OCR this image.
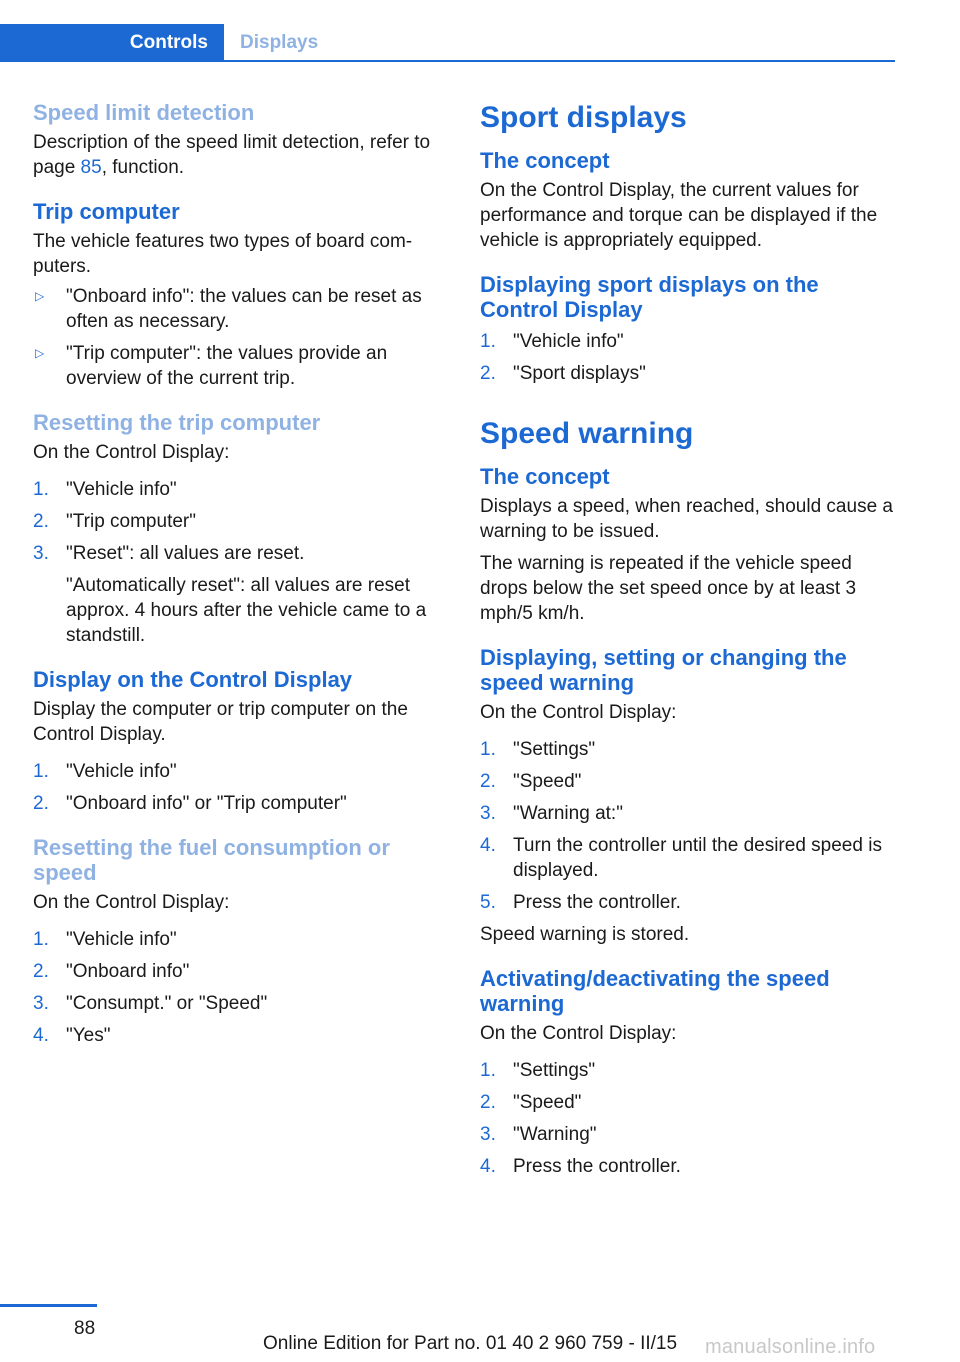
Controls	Displays
Speed limit detection
Description of the speed limit detection, refer to page 85, function.
Trip computer
The vehicle features two types of board com-puters.
▷	"Onboard info": the values can be reset as often as necessary.
▷	"Trip computer": the values provide an overview of the current trip.
Resetting the trip computer
On the Control Display:
1. "Vehicle info"
2. "Trip computer"
3. "Reset": all values are reset.
"Automatically reset": all values are reset approx. 4 hours after the vehicle came to a standstill.
Display on the Control Display
Display the computer or trip computer on the Control Display.
1. "Vehicle info"
2. "Onboard info" or "Trip computer"
Resetting the fuel consumption or speed
On the Control Display:
1. "Vehicle info"
2. "Onboard info"
3. "Consumpt." or "Speed"
4. "Yes"
Sport displays
The concept
On the Control Display, the current values for performance and torque can be displayed if the vehicle is appropriately equipped.
Displaying sport displays on the Control Display
1. "Vehicle info"
2. "Sport displays"
Speed warning
The concept
Displays a speed, when reached, should cause a warning to be issued.
The warning is repeated if the vehicle speed drops below the set speed once by at least 3 mph/5 km/h.
Displaying, setting or changing the speed warning
On the Control Display:
1. "Settings"
2. "Speed"
3. "Warning at:"
4. Turn the controller until the desired speed is displayed.
5. Press the controller.
Speed warning is stored.
Activating/deactivating the speed warning
On the Control Display:
1. "Settings"
2. "Speed"
3. "Warning"
4. Press the controller.
88
Online Edition for Part no. 01 40 2 960 759 - II/15 manualsonline.info
